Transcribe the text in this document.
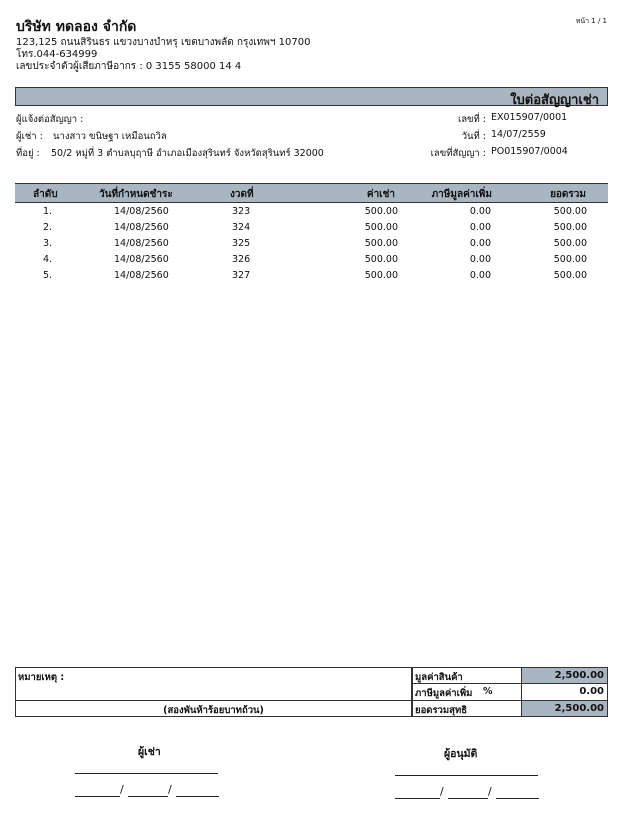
บริษัท ทดลอง จำกัด
123,125 ถนนสิรินธร แขวงบางบำหรุ เขตบางพลัด กรุงเทพฯ 10700
โทร.044-634999
เลขประจำตัวผู้เสียภาษีอากร : 0 3155 58000 14 4
หน้า 1 / 1
ใบต่อสัญญาเช่า
ผู้แจ้งต่อสัญญา :
ผู้เช่า : นางสาว ขนิษฐา เหมือนถวิล
ที่อยู่ : 50/2 หมู่ที่ 3 ตำบลบุฤาษี อำเภอเมืองสุรินทร์ จังหวัดสุรินทร์ 32000
เลขที่ : EX015907/0001
วันที่ : 14/07/2559
เลขที่สัญญา : PO015907/0004
ลำดับ	วันที่กำหนดชำระ	งวดที่	ค่าเช่า	ภาษีมูลค่าเพิ่ม	ยอดรวม
1.	14/08/2560	323	500.00	0.00	500.00
2.	14/08/2560	324	500.00	0.00	500.00
3.	14/08/2560	325	500.00	0.00	500.00
4.	14/08/2560	326	500.00	0.00	500.00
5.	14/08/2560	327	500.00	0.00	500.00
หมายเหตุ :
(สองพันห้าร้อยบาทถ้วน)
มูลค่าสินค้า	2,500.00
ภาษีมูลค่าเพิ่ม %	0.00
ยอดรวมสุทธิ	2,500.00
ผู้เช่า
/	/
ผู้อนุมัติ
/	/
